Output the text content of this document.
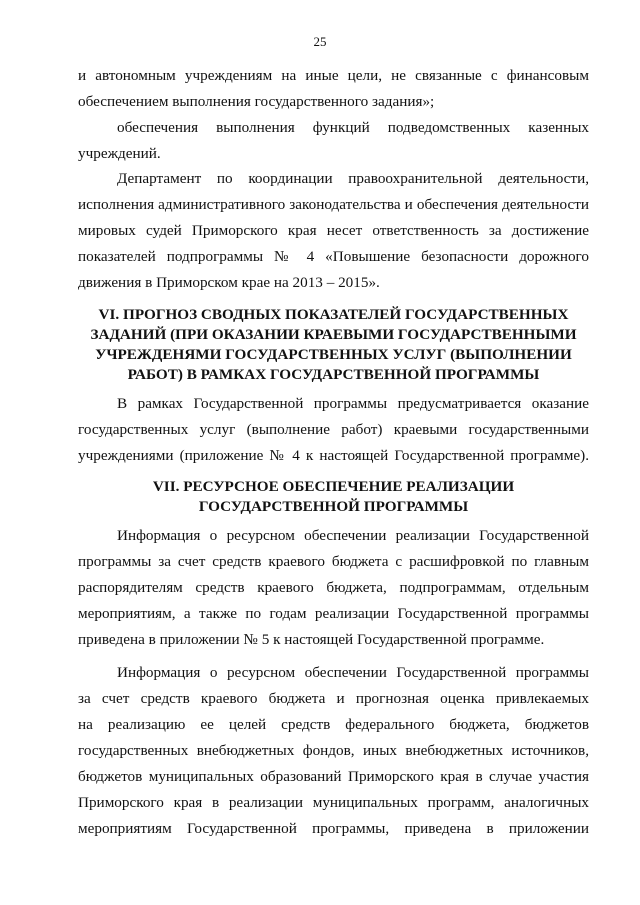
25
и автономным учреждениям на иные цели, не связанные с финансовым
обеспечением выполнения государственного задания»;
обеспечения выполнения функций подведомственных казенных
учреждений.
Департамент по координации правоохранительной деятельности,
исполнения административного законодательства и обеспечения деятельности
мировых судей Приморского края несет ответственность за достижение
показателей подпрограммы № 4 «Повышение безопасности дорожного
движения в Приморском крае на 2013 – 2015».
VI. ПРОГНОЗ СВОДНЫХ ПОКАЗАТЕЛЕЙ ГОСУДАРСТВЕННЫХ
ЗАДАНИЙ (ПРИ ОКАЗАНИИ КРАЕВЫМИ ГОСУДАРСТВЕННЫМИ
УЧРЕЖДЕНЯМИ ГОСУДАРСТВЕННЫХ УСЛУГ (ВЫПОЛНЕНИИ
РАБОТ) В РАМКАХ ГОСУДАРСТВЕННОЙ ПРОГРАММЫ
В рамках Государственной программы предусматривается оказание
государственных услуг (выполнение работ) краевыми государственными
учреждениями (приложение № 4 к настоящей Государственной программе).
VII. РЕСУРСНОЕ ОБЕСПЕЧЕНИЕ РЕАЛИЗАЦИИ
ГОСУДАРСТВЕННОЙ ПРОГРАММЫ
Информация о ресурсном обеспечении реализации Государственной
программы за счет средств краевого бюджета с расшифровкой по главным
распорядителям средств краевого бюджета, подпрограммам, отдельным
мероприятиям, а также по годам реализации Государственной программы
приведена в приложении № 5 к настоящей Государственной программе.
Информация о ресурсном обеспечении Государственной программы
за счет средств краевого бюджета и прогнозная оценка привлекаемых
на реализацию ее целей средств федерального бюджета, бюджетов
государственных внебюджетных фондов, иных внебюджетных источников,
бюджетов муниципальных образований Приморского края в случае участия
Приморского края в реализации муниципальных программ, аналогичных
мероприятиям Государственной программы, приведена в приложении
